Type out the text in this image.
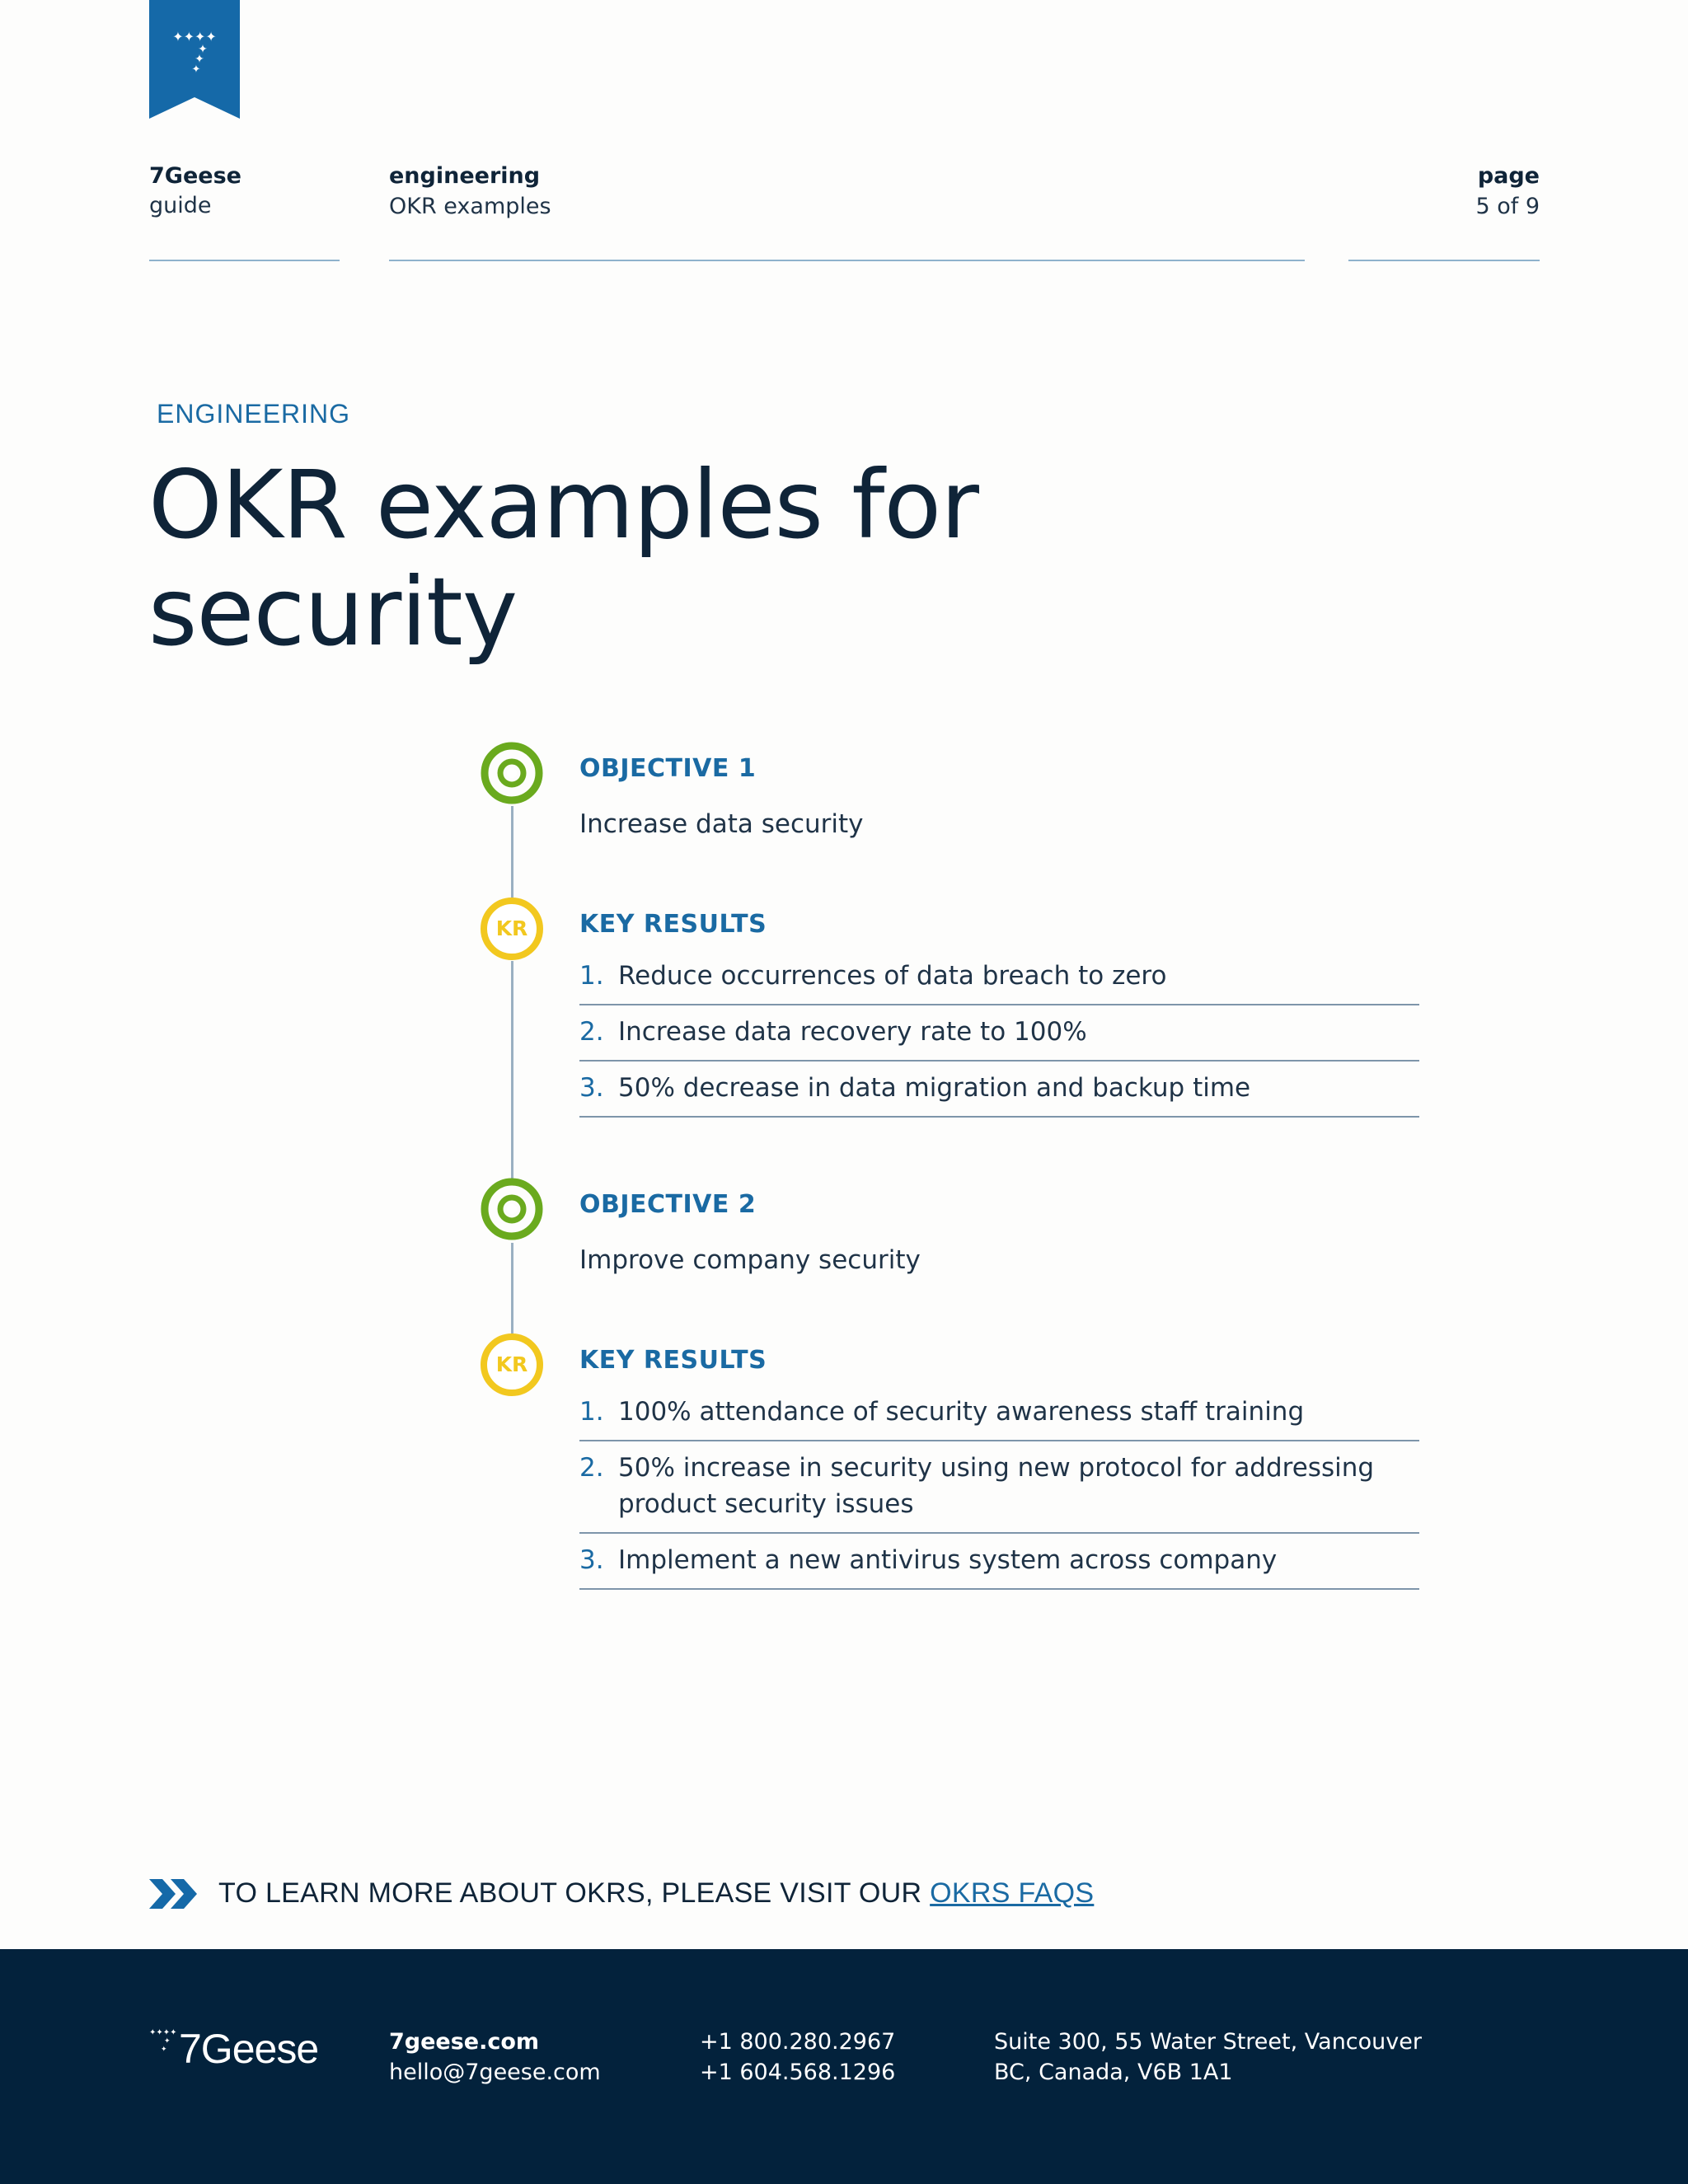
✦✦✦✦
✦
✦
✦
7Geese
guide
engineering
OKR examples
page
5 of 9
ENGINEERING
OKR examples for
security
OBJECTIVE 1
Increase data security
KR	KEY RESULTS
1. Reduce occurrences of data breach to zero
2. Increase data recovery rate to 100%
3. 50% decrease in data migration and backup time
OBJECTIVE 2
Improve company security
KR	KEY RESULTS
1. 100% attendance of security awareness staff training
2. 50% increase in security using new protocol for addressing product security issues
3. Implement a new antivirus system across company
TO LEARN MORE ABOUT OKRS, PLEASE VISIT OUR OKRS FAQS
✦✦✦✦
✦
✦ 7Geese	7geese.com
hello@7geese.com
+1 800.280.2967
+1 604.568.1296
Suite 300, 55 Water Street, Vancouver
BC, Canada, V6B 1A1
